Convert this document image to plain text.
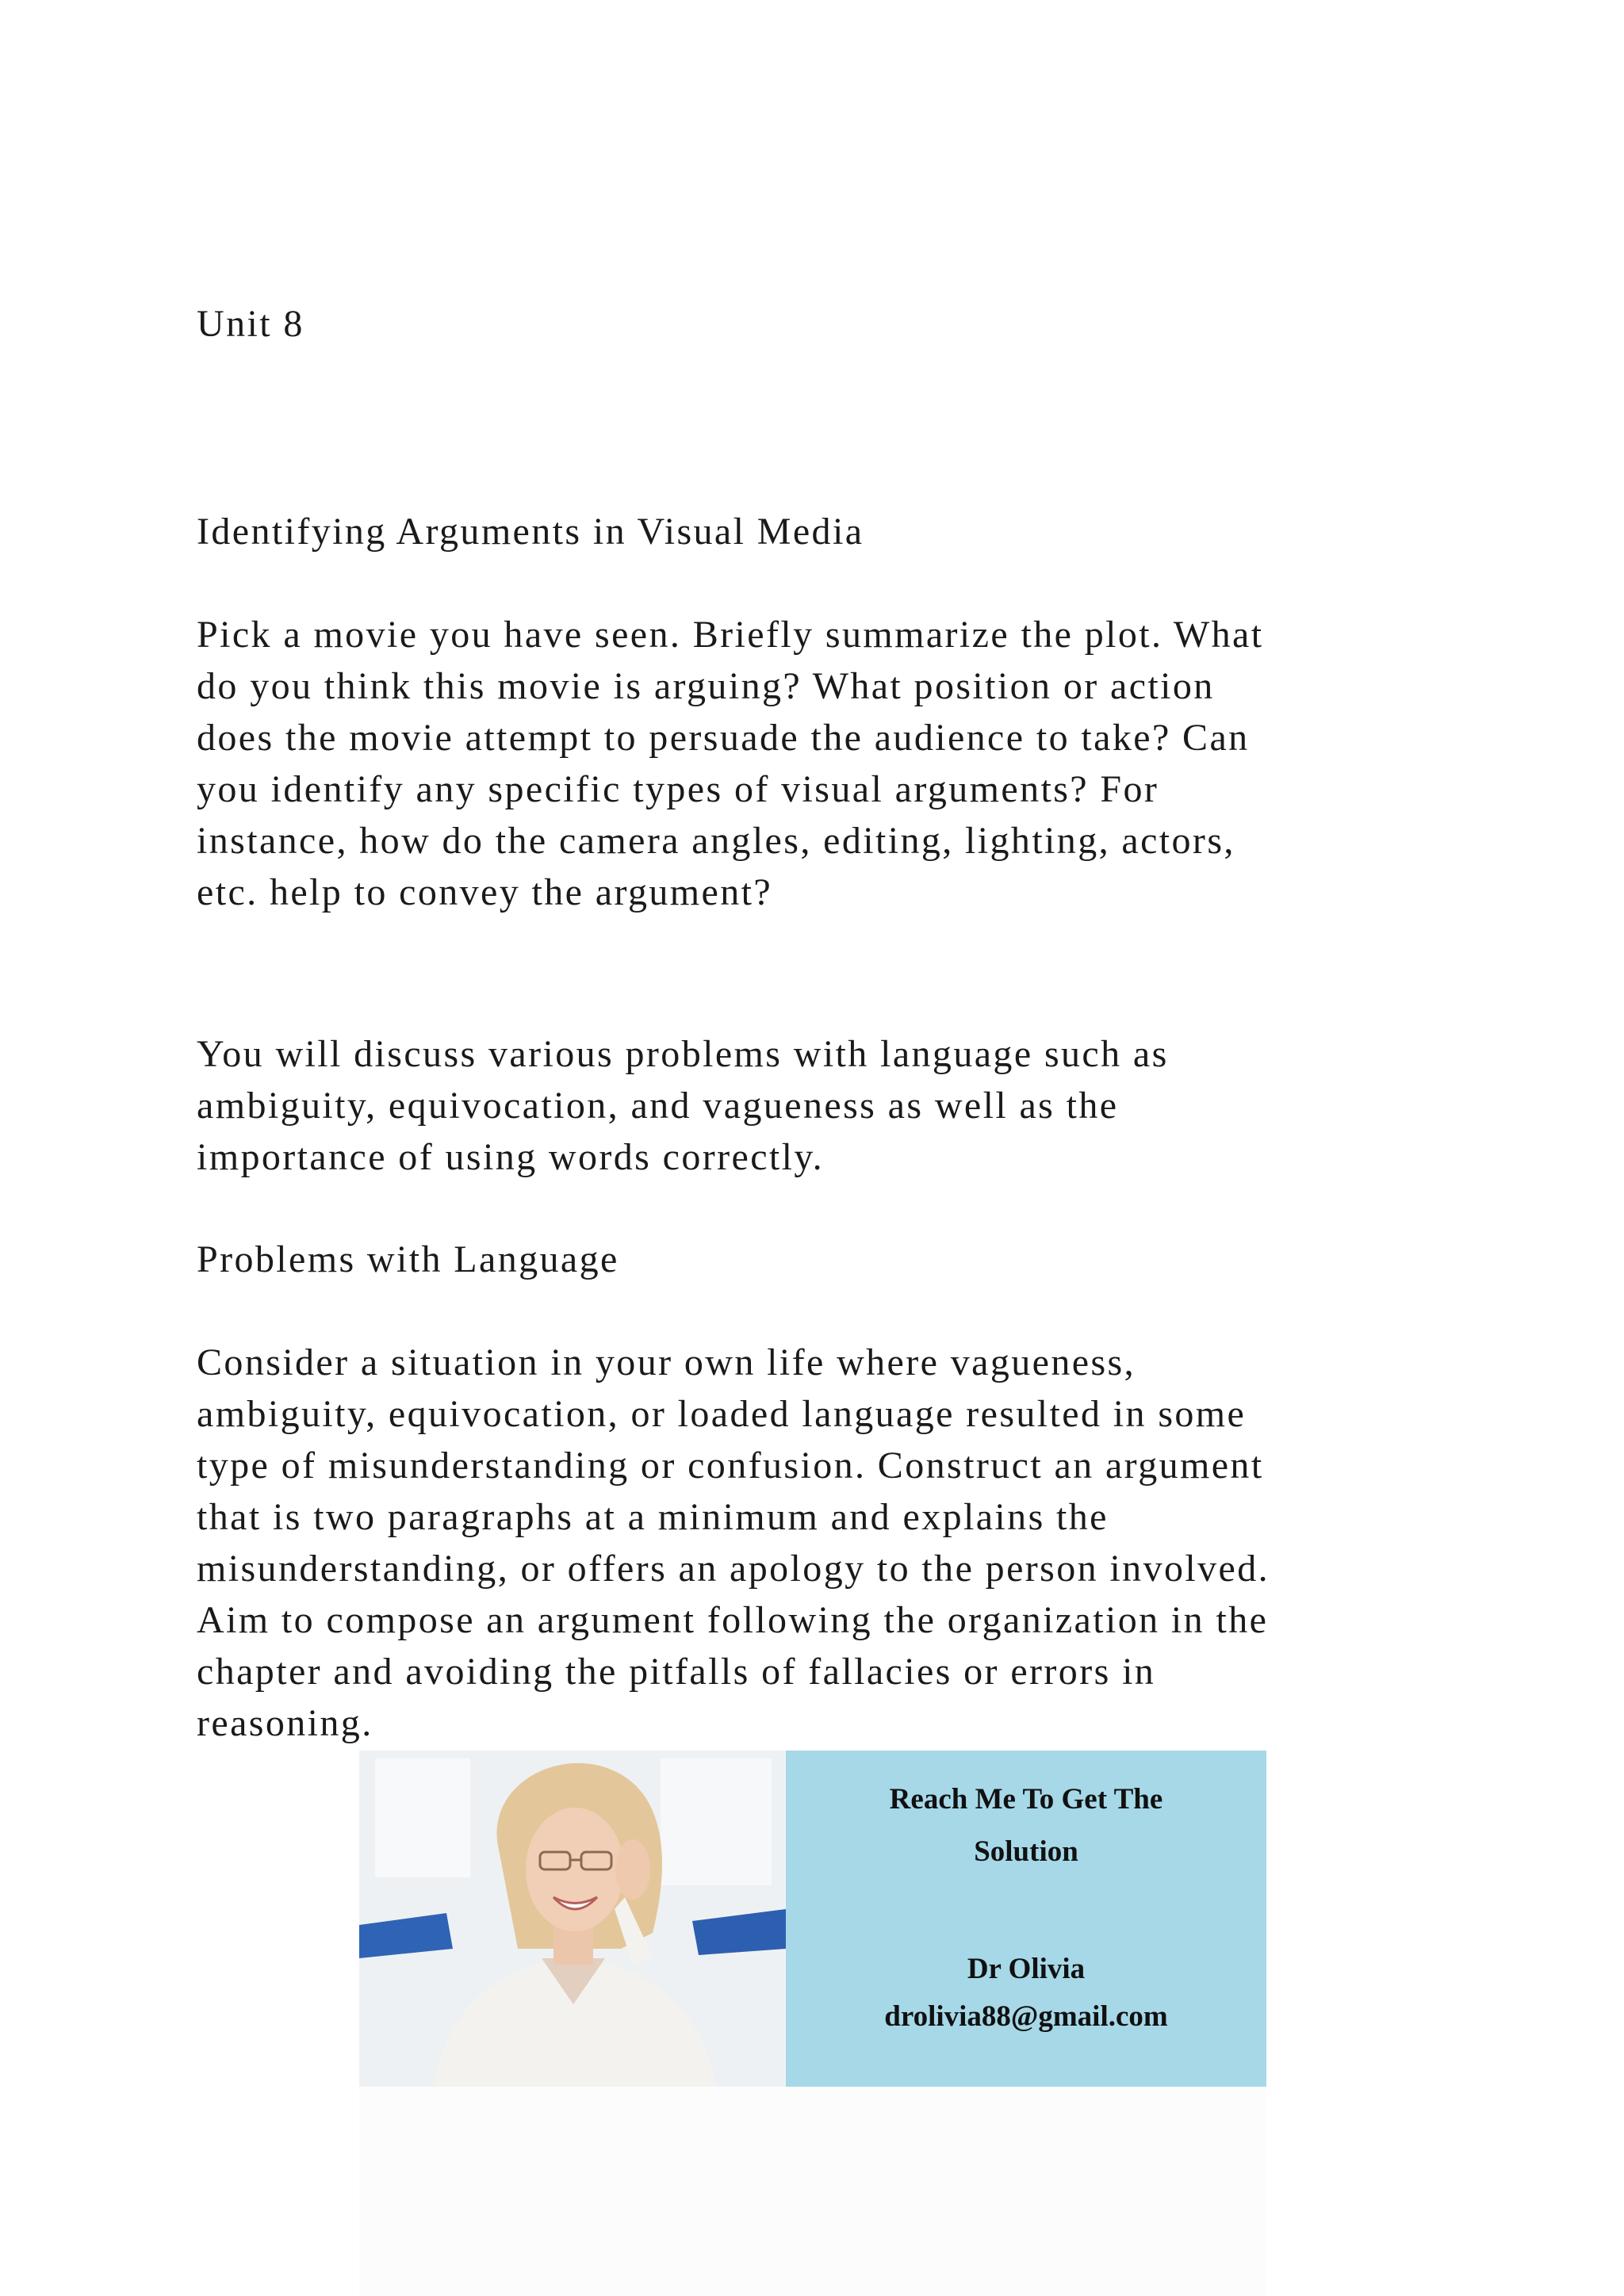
Unit 8
Identifying Arguments in Visual Media

Pick a movie you have seen. Briefly summarize the plot. What
do you think this movie is arguing? What position or action
does the movie attempt to persuade the audience to take? Can
you identify any specific types of visual arguments? For
instance, how do the camera angles, editing, lighting, actors,
etc. help to convey the argument?

You will discuss various problems with language such as
ambiguity, equivocation, and vagueness as well as the
importance of using words correctly.

Problems with Language

Consider a situation in your own life where vagueness,
ambiguity, equivocation, or loaded language resulted in some
type of misunderstanding or confusion. Construct an argument
that is two paragraphs at a minimum and explains the
misunderstanding, or offers an apology to the person involved.
Aim to compose an argument following the organization in the
chapter and avoiding the pitfalls of fallacies or errors in
reasoning.

Reach Me To Get The
Solution
Dr Olivia
drolivia88@gmail.com
